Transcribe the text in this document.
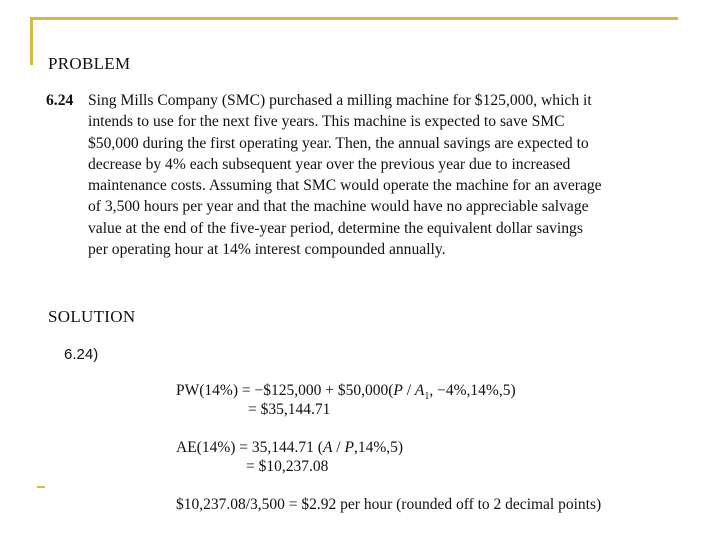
PROBLEM
6.24 Sing Mills Company (SMC) purchased a milling machine for $125,000, which it
intends to use for the next five years. This machine is expected to save SMC
$50,000 during the first operating year. Then, the annual savings are expected to
decrease by 4% each subsequent year over the previous year due to increased
maintenance costs. Assuming that SMC would operate the machine for an average
of 3,500 hours per year and that the machine would have no appreciable salvage
value at the end of the five-year period, determine the equivalent dollar savings
per operating hour at 14% interest compounded annually.
SOLUTION
6.24)
PW(14%) = −$125,000 + $50,000(P / $A_1$, −4%,14%,5)
= $35,144.71
AE(14%) = 35,144.71 (A / P,14%,5)
= $10,237.08
$10,237.08/3,500 = $2.92 per hour (rounded off to 2 decimal points)
